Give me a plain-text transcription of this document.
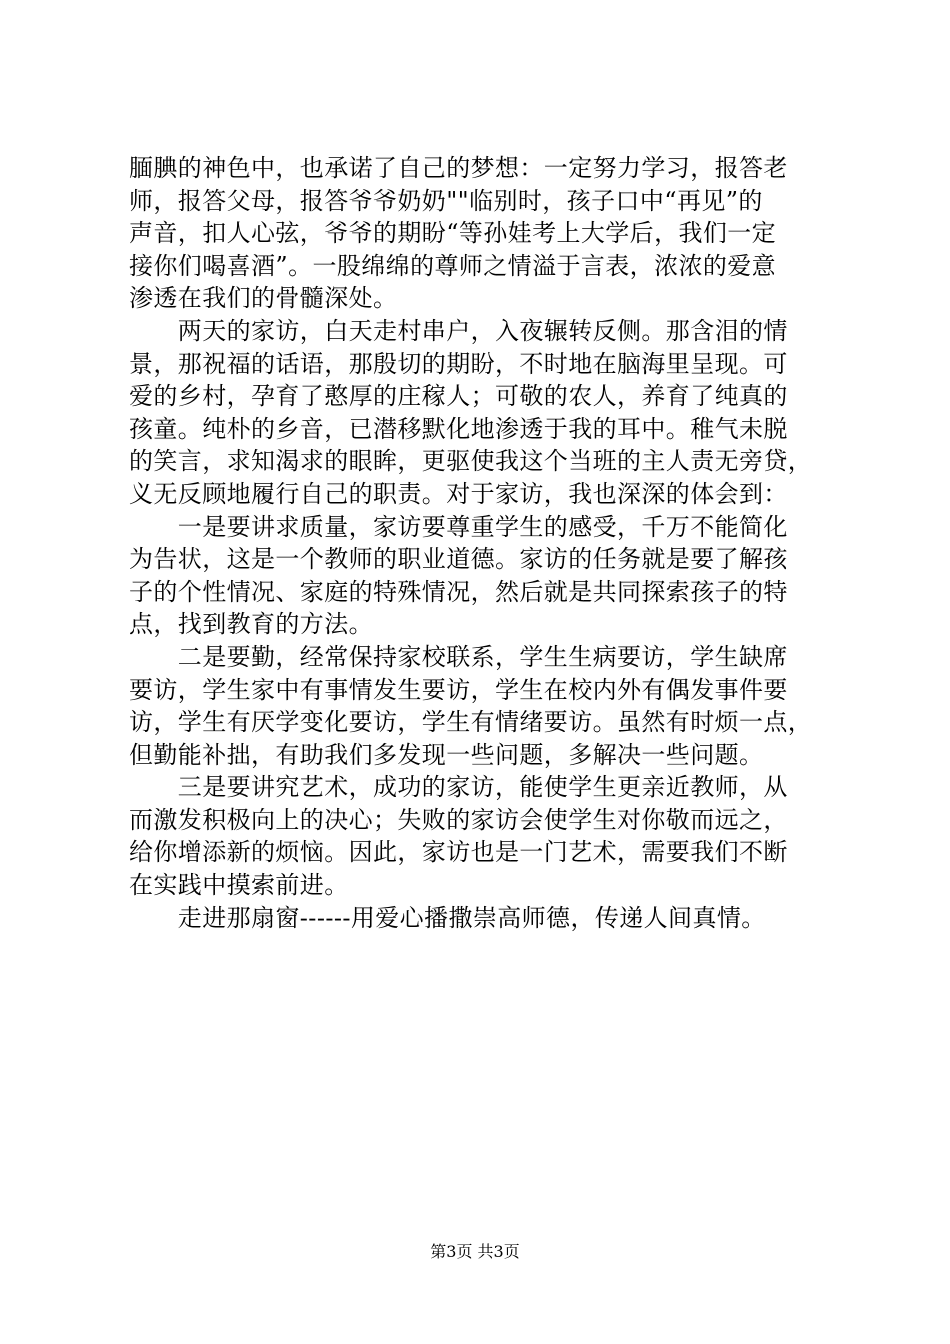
腼腆的神色中，也承诺了自己的梦想：一定努力学习，报答老
师，报答父母，报答爷爷奶奶""临别时，孩子口中“再见”的
声音，扣人心弦，爷爷的期盼“等孙娃考上大学后，我们一定
接你们喝喜酒”。一股绵绵的尊师之情溢于言表，浓浓的爱意
渗透在我们的骨髓深处。
　　两天的家访，白天走村串户，入夜辗转反侧。那含泪的情
景，那祝福的话语，那殷切的期盼，不时地在脑海里呈现。可
爱的乡村，孕育了憨厚的庄稼人；可敬的农人，养育了纯真的
孩童。纯朴的乡音，已潜移默化地渗透于我的耳中。稚气未脱
的笑言，求知渴求的眼眸，更驱使我这个当班的主人责无旁贷，
义无反顾地履行自己的职责。对于家访，我也深深的体会到：
　　一是要讲求质量，家访要尊重学生的感受，千万不能简化
为告状，这是一个教师的职业道德。家访的任务就是要了解孩
子的个性情况、家庭的特殊情况，然后就是共同探索孩子的特
点，找到教育的方法。
　　二是要勤，经常保持家校联系，学生生病要访，学生缺席
要访，学生家中有事情发生要访，学生在校内外有偶发事件要
访，学生有厌学变化要访，学生有情绪要访。虽然有时烦一点，
但勤能补拙，有助我们多发现一些问题，多解决一些问题。
　　三是要讲究艺术，成功的家访，能使学生更亲近教师，从
而激发积极向上的决心；失败的家访会使学生对你敬而远之，
给你增添新的烦恼。因此，家访也是一门艺术，需要我们不断
在实践中摸索前进。
　　走进那扇窗------用爱心播撒崇高师德，传递人间真情。
第3页 共3页
